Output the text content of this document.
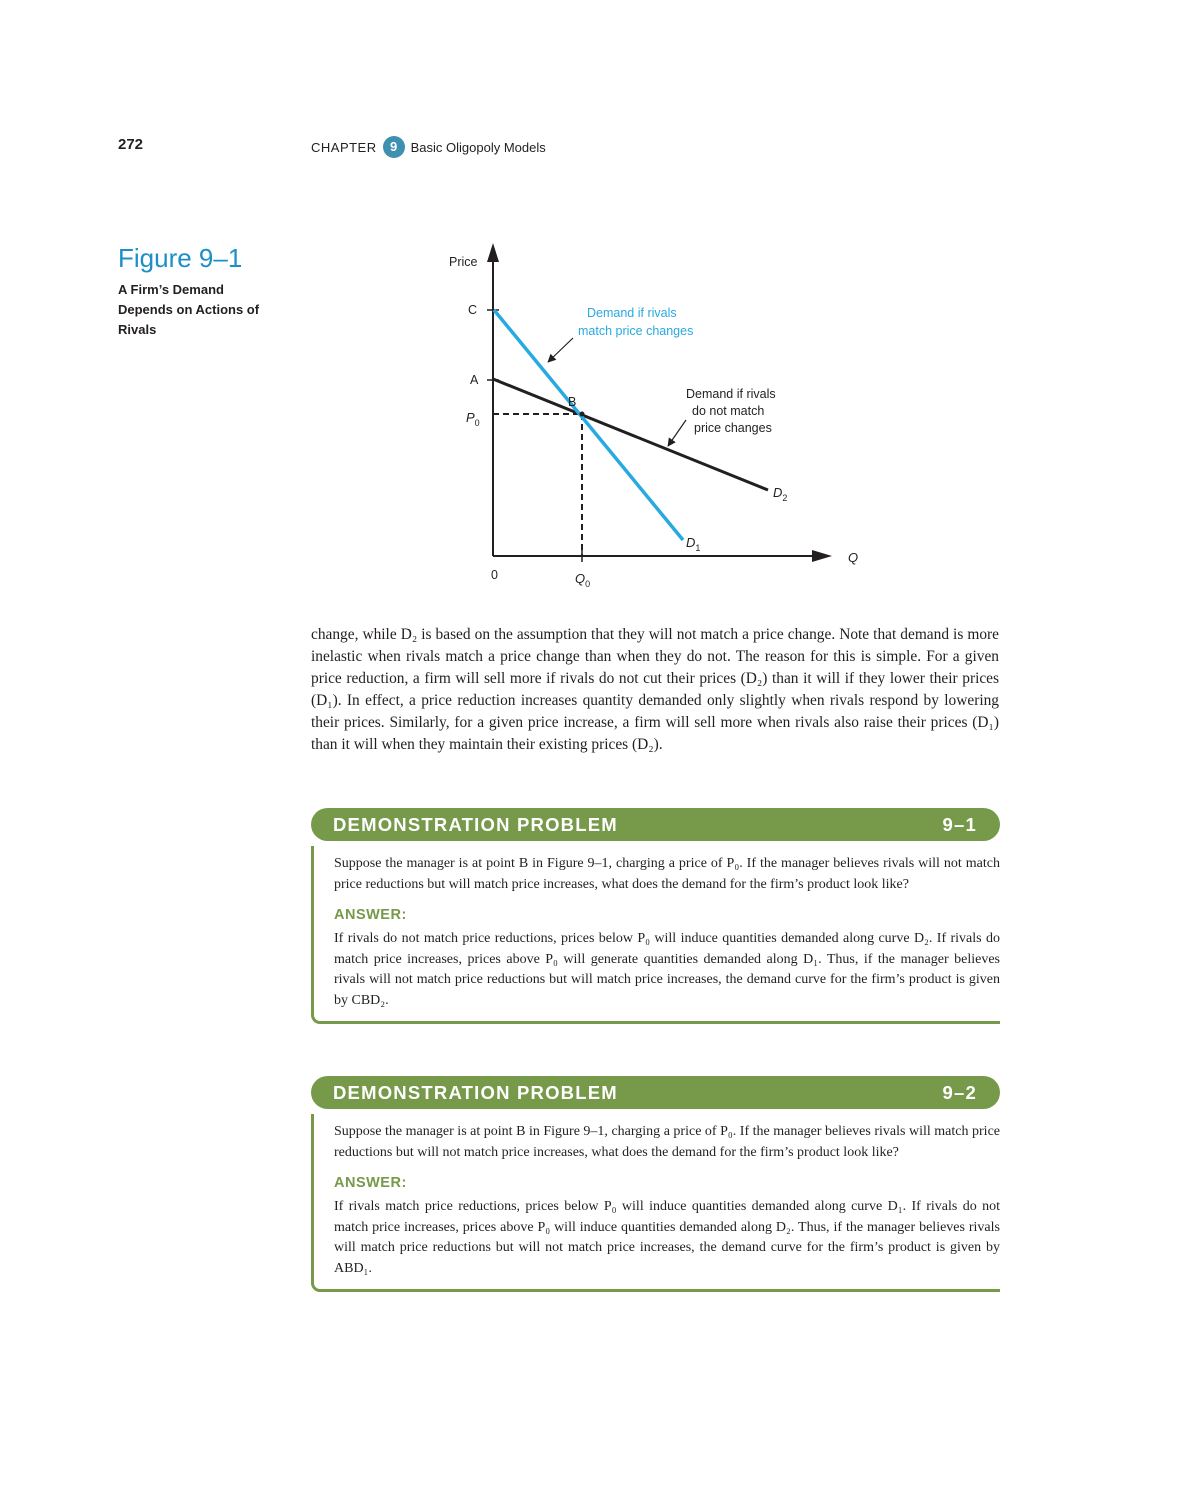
272	CHAPTER	9	Basic Oligopoly Models
Figure 9–1
A Firm’s Demand Depends on Actions of Rivals
Price
Q
0
C
A
$P_0$
$Q_0$
B
$D_1$
$D_2$
Demand if rivals match price changes
Demand if rivals do not match price changes

change, while D₂ is based on the assumption that they will not match a price change. Note that demand is more inelastic when rivals match a price change than when they do not. The reason for this is simple. For a given price reduction, a firm will sell more if rivals do not cut their prices (D₂) than it will if they lower their prices (D₁). In effect, a price reduction increases quantity demanded only slightly when rivals respond by lowering their prices. Similarly, for a given price increase, a firm will sell more when rivals also raise their prices (D₁) than it will when they maintain their existing prices (D₂).

DEMONSTRATION PROBLEM	9–1

Suppose the manager is at point B in Figure 9–1, charging a price of P₀. If the manager believes rivals will not match price reductions but will match price increases, what does the demand for the firm’s product look like?

ANSWER:

If rivals do not match price reductions, prices below P₀ will induce quantities demanded along curve D₂. If rivals do match price increases, prices above P₀ will generate quantities demanded along D₁. Thus, if the manager believes rivals will not match price reductions but will match price increases, the demand curve for the firm’s product is given by CBD₂.

DEMONSTRATION PROBLEM	9–2

Suppose the manager is at point B in Figure 9–1, charging a price of P₀. If the manager believes rivals will match price reductions but will not match price increases, what does the demand for the firm’s product look like?

ANSWER:

If rivals match price reductions, prices below P₀ will induce quantities demanded along curve D₁. If rivals do not match price increases, prices above P₀ will induce quantities demanded along D₂. Thus, if the manager believes rivals will match price reductions but will not match price increases, the demand curve for the firm’s product is given by ABD₁.
